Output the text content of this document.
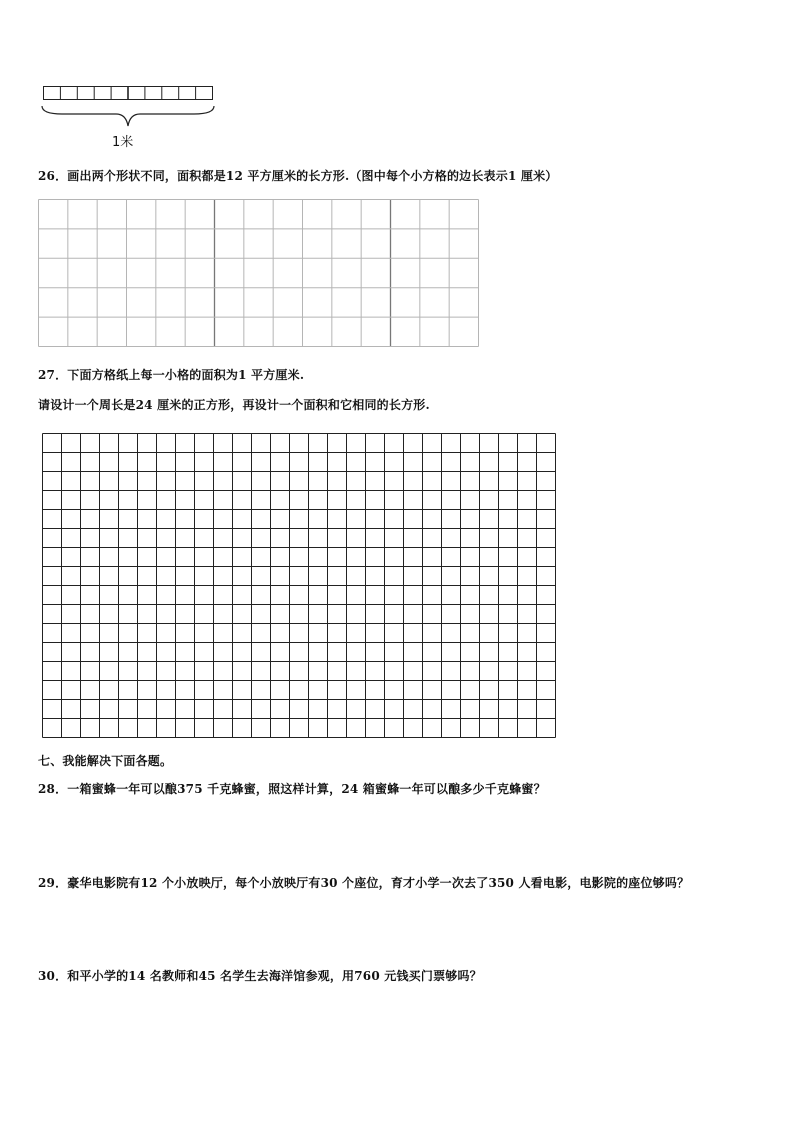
1米
26．画出两个形状不同，面积都是12 平方厘米的长方形.（图中每个小方格的边长表示1 厘米）
27．下面方格纸上每一小格的面积为1 平方厘米.
请设计一个周长是24 厘米的正方形，再设计一个面积和它相同的长方形.
七、我能解决下面各题。
28．一箱蜜蜂一年可以酿375 千克蜂蜜，照这样计算，24 箱蜜蜂一年可以酿多少千克蜂蜜？
29．豪华电影院有12 个小放映厅，每个小放映厅有30 个座位，育才小学一次去了350 人看电影，电影院的座位够吗？
30．和平小学的14 名教师和45 名学生去海洋馆参观，用760 元钱买门票够吗？
